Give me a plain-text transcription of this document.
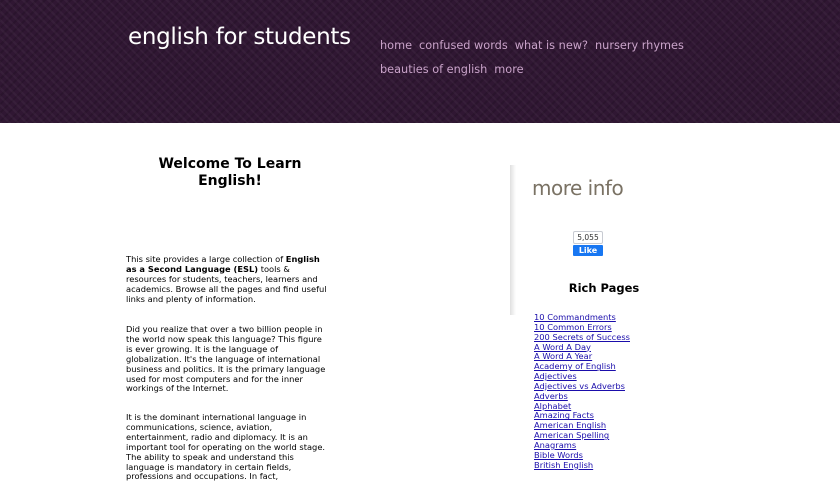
english for students	home confused words what is new? nursery rhymesbeauties of english more
Welcome To Learn English!

This site provides a large collection of English as a Second Language (ESL) tools & resources for students, teachers, learners and academics. Browse all the pages and find useful links and plenty of information.

Did you realize that over a two billion people in the world now speak this language? This figure is ever growing. It is the language of globalization. It's the language of international business and politics. It is the primary language used for most computers and for the inner workings of the Internet.

It is the dominant international language in communications, science, aviation, entertainment, radio and diplomacy. It is an important tool for operating on the world stage. The ability to speak and understand this language is mandatory in certain fields, professions and occupations. In fact,

more info
5,055
Like
Rich Pages
10 Commandments
10 Common Errors
200 Secrets of Success
A Word A Day
A Word A Year
Academy of English
Adjectives
Adjectives vs Adverbs
Adverbs
Alphabet
Amazing Facts
American English
American Spelling
Anagrams
Bible Words
British English
